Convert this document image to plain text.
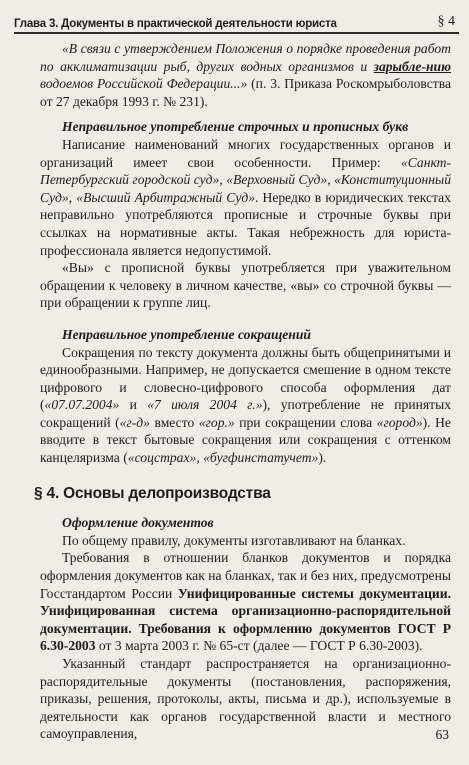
Глава 3. Документы в практической деятельности юриста	§ 4

«В связи с утверждением Положения о порядке проведения работ по акклиматизации рыб, других водных организмов и зарыбле-нию водоемов Российской Федерации...» (п. 3. Приказа Роскомрыболовства от 27 декабря 1993 г. № 231).

Неправильное употребление строчных и прописных букв

Написание наименований многих государственных органов и организаций имеет свои особенности. Пример: «Санкт-Петербургский городской суд», «Верховный Суд», «Конституционный Суд», «Высший Арбитражный Суд». Нередко в юридических текстах неправильно употребляются прописные и строчные буквы при ссылках на нормативные акты. Такая небрежность для юриста-профессионала является недопустимой.

«Вы» с прописной буквы употребляется при уважительном обращении к человеку в личном качестве, «вы» со строчной буквы — при обращении к группе лиц.

Неправильное употребление сокращений

Сокращения по тексту документа должны быть общепринятыми и единообразными. Например, не допускается смешение в одном тексте цифрового и словесно-цифрового способа оформления дат («07.07.2004» и «7 июля 2004 г.»), употребление не принятых сокращений («г-д» вместо «гор.» при сокращении слова «город»). Не вводите в текст бытовые сокращения или сокращения с оттенком канцеляризма («соцстрах», «бугфинстатучет»).

§ 4. Основы делопроизводства

Оформление документов

По общему правилу, документы изготавливают на бланках.

Требования в отношении бланков документов и порядка оформления документов как на бланках, так и без них, предусмотрены Госстандартом России Унифицированные системы документации. Унифицированная система организационно-распорядительной документации. Требования к оформлению документов ГОСТ Р 6.30-2003 от 3 марта 2003 г. № 65-ст (далее — ГОСТ Р 6.30-2003).

Указанный стандарт распространяется на организационно-распорядительные документы (постановления, распоряжения, приказы, решения, протоколы, акты, письма и др.), используемые в деятельности как органов государственной власти и местного самоуправления,	63
